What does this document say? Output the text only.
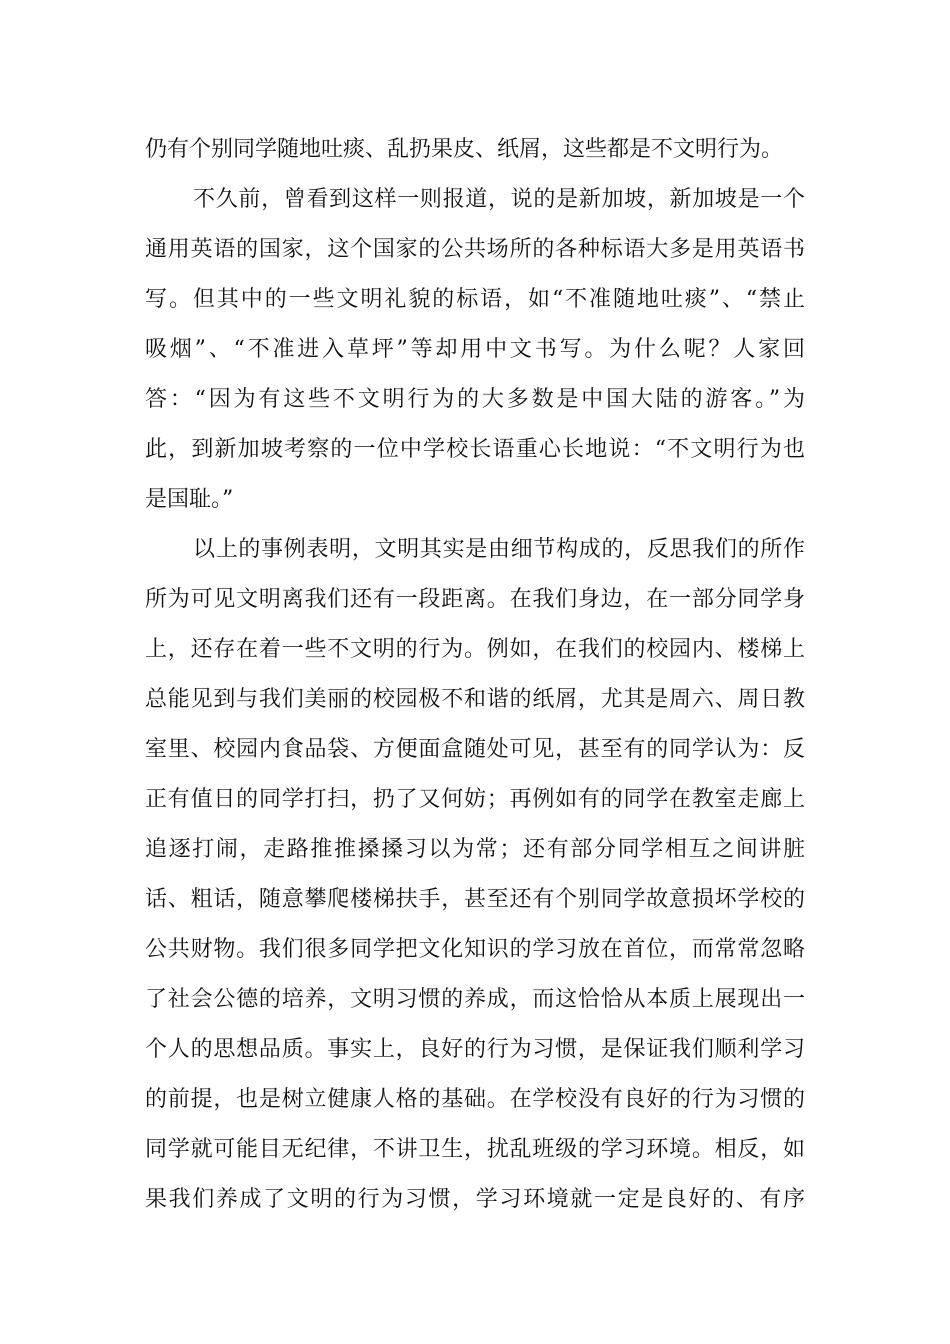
仍有个别同学随地吐痰、乱扔果皮、纸屑，这些都是不文明行为。
不久前，曾看到这样一则报道，说的是新加坡，新加坡是一个
通用英语的国家，这个国家的公共场所的各种标语大多是用英语书
写。但其中的一些文明礼貌的标语，如“不准随地吐痰”、“禁止
吸烟”、“不准进入草坪”等却用中文书写。为什么呢？人家回
答：“因为有这些不文明行为的大多数是中国大陆的游客。”为
此，到新加坡考察的一位中学校长语重心长地说：“不文明行为也
是国耻。”
以上的事例表明，文明其实是由细节构成的，反思我们的所作
所为可见文明离我们还有一段距离。在我们身边，在一部分同学身
上，还存在着一些不文明的行为。例如，在我们的校园内、楼梯上
总能见到与我们美丽的校园极不和谐的纸屑，尤其是周六、周日教
室里、校园内食品袋、方便面盒随处可见，甚至有的同学认为：反
正有值日的同学打扫，扔了又何妨；再例如有的同学在教室走廊上
追逐打闹，走路推推搡搡习以为常；还有部分同学相互之间讲脏
话、粗话，随意攀爬楼梯扶手，甚至还有个别同学故意损坏学校的
公共财物。我们很多同学把文化知识的学习放在首位，而常常忽略
了社会公德的培养，文明习惯的养成，而这恰恰从本质上展现出一
个人的思想品质。事实上，良好的行为习惯，是保证我们顺利学习
的前提，也是树立健康人格的基础。在学校没有良好的行为习惯的
同学就可能目无纪律，不讲卫生，扰乱班级的学习环境。相反，如
果我们养成了文明的行为习惯，学习环境就一定是良好的、有序
